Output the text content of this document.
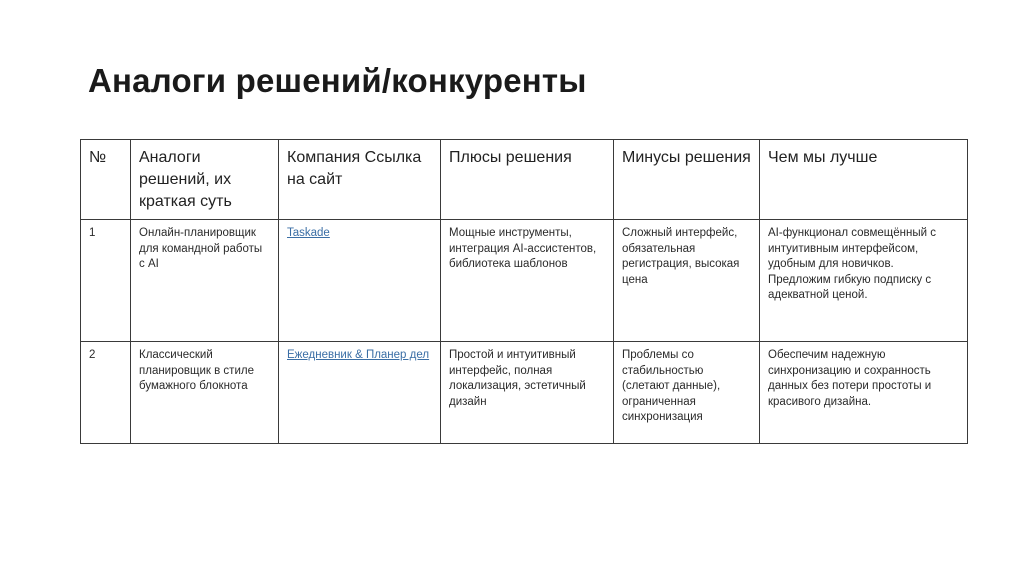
Аналоги решений/конкуренты
№	Аналоги решений, их краткая суть	Компания Ссылка на сайт	Плюсы решения	Минусы решения	Чем мы лучше
1	Онлайн-планировщик для командной работы с AI	Taskade	Мощные инструменты, интеграция AI-ассистентов, библиотека шаблонов	Сложный интерфейс, обязательная регистрация, высокая цена	AI-функционал совмещённый с интуитивным интерфейсом, удобным для новичков. Предложим гибкую подписку с адекватной ценой.
2	Классический планировщик в стиле бумажного блокнота	Ежедневник & Планер дел	Простой и интуитивный интерфейс, полная локализация, эстетичный дизайн	Проблемы со стабильностью (слетают данные), ограниченная синхронизация	Обеспечим надежную синхронизацию и сохранность данных без потери простоты и красивого дизайна.
